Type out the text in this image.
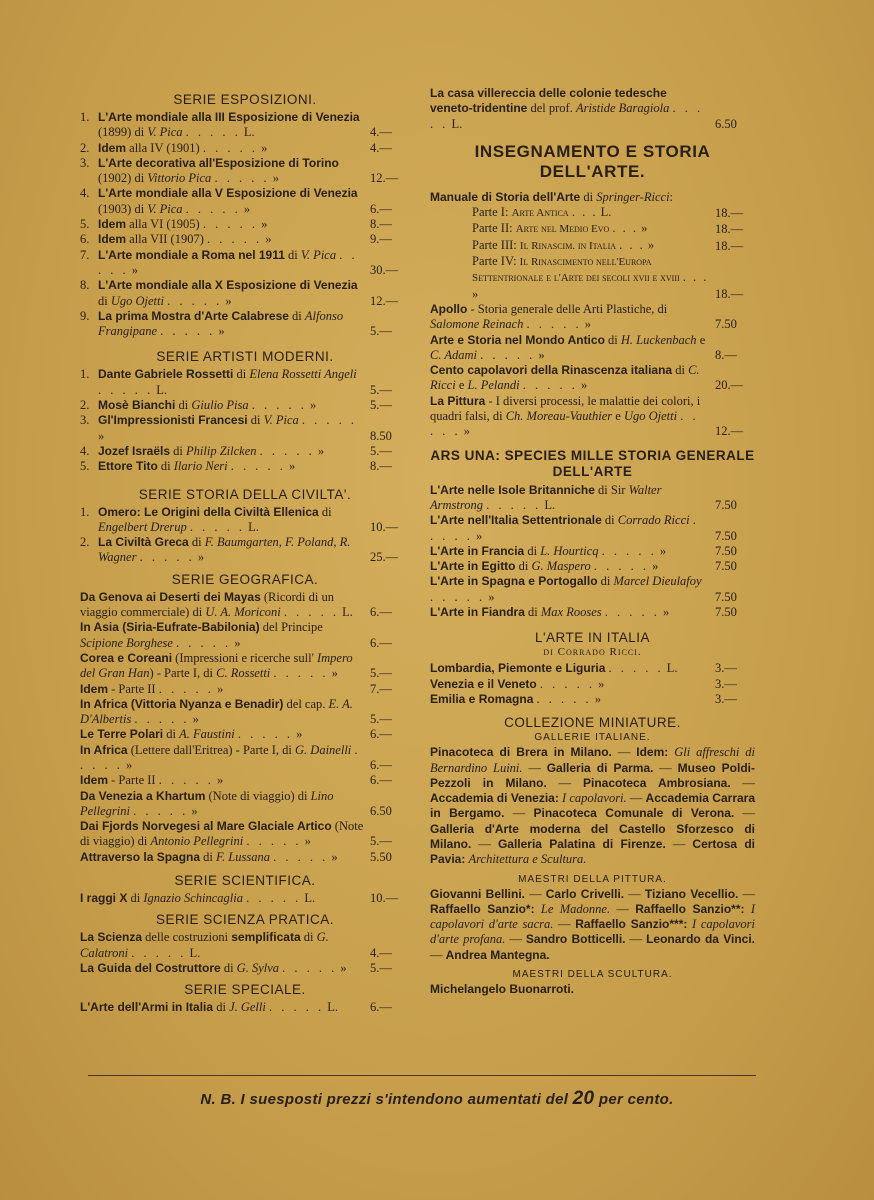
SERIE ESPOSIZIONI.
1. L'Arte mondiale alla III Esposizione di Venezia (1899) di V. Pica . . . . . L.	4.—
2. Idem alla IV (1901) . . . . . »	4.—
3. L'Arte decorativa all'Esposizione di Torino (1902) di Vittorio Pica . . . . . »	12.—
4. L'Arte mondiale alla V Esposizione di Venezia (1903) di V. Pica . . . . . »	6.—
5. Idem alla VI (1905) . . . . . »	8.—
6. Idem alla VII (1907) . . . . . »	9.—
7. L'Arte mondiale a Roma nel 1911 di V. Pica . . . . . »	30.—
8. L'Arte mondiale alla X Esposizione di Venezia di Ugo Ojetti . . . . . »	12.—
9. La prima Mostra d'Arte Calabrese di Alfonso Frangipane . . . . . »	5.—
SERIE ARTISTI MODERNI.
1. Dante Gabriele Rossetti di Elena Rossetti Angeli . . . . . L.	5.—
2. Mosè Bianchi di Giulio Pisa . . . . . »	5.—
3. Gl'Impressionisti Francesi di V. Pica . . . . . »	8.50
4. Jozef Israëls di Philip Zilcken . . . . . »	5.—
5. Ettore Tito di Ilario Neri . . . . . »	8.—
SERIE STORIA DELLA CIVILTA'.
1. Omero: Le Origini della Civiltà Ellenica di Engelbert Drerup . . . . . L.	10.—
2. La Civiltà Greca di F. Baumgarten, F. Poland, R. Wagner . . . . . »	25.—
SERIE GEOGRAFICA.
Da Genova ai Deserti dei Mayas (Ricordi di un viaggio commerciale) di U. A. Moriconi . . . . . L.	6.—
In Asia (Siria-Eufrate-Babilonia) del Principe Scipione Borghese . . . . . »	6.—
Corea e Coreani (Impressioni e ricerche sull' Impero del Gran Han) - Parte I, di C. Rossetti . . . . . »	5.—
Idem - Parte II . . . . . »	7.—
In Africa (Vittoria Nyanza e Benadir) del cap. E. A. D'Albertis . . . . . »	5.—
Le Terre Polari di A. Faustini . . . . . »	6.—
In Africa (Lettere dall'Eritrea) - Parte I, di G. Dainelli . . . . . »	6.—
Idem - Parte II . . . . . »	6.—
Da Venezia a Khartum (Note di viaggio) di Lino Pellegrini . . . . . »	6.50
Dai Fjords Norvegesi al Mare Glaciale Artico (Note di viaggio) di Antonio Pellegrini . . . . . »	5.—
Attraverso la Spagna di F. Lussana . . . . . »	5.50
SERIE SCIENTIFICA.
I raggi X di Ignazio Schincaglia . . . . . L.	10.—
SERIE SCIENZA PRATICA.
La Scienza delle costruzioni semplificata di G. Calatroni . . . . . L.	4.—
La Guida del Costruttore di G. Sylva . . . . . »	5.—
SERIE SPECIALE.
L'Arte dell'Armi in Italia di J. Gelli . . . . . L.	6.—
La casa villereccia delle colonie tedesche veneto-tridentine del prof. Aristide Baragiola . . . . . L.	6.50
INSEGNAMENTO E STORIA DELL'ARTE.
Manuale di Storia dell'Arte di Springer-Ricci:
Parte I: Arte Antica . . . L.	18.—
Parte II: Arte nel Medio Evo . . . »	18.—
Parte III: Il Rinascim. in Italia . . . »	18.—
Parte IV: Il Rinascimento nell'Europa Settentrionale e l'Arte dei secoli xvii e xviii . . . »	18.—
Apollo - Storia generale delle Arti Plastiche, di Salomone Reinach . . . . . »	7.50
Arte e Storia nel Mondo Antico di H. Luckenbach e C. Adami . . . . . »	8.—
Cento capolavori della Rinascenza italiana di C. Ricci e L. Pelandi . . . . . »	20.—
La Pittura - I diversi processi, le malattie dei colori, i quadri falsi, di Ch. Moreau-Vauthier e Ugo Ojetti . . . . . »	12.—
ARS UNA: SPECIES MILLE STORIA GENERALE DELL'ARTE
L'Arte nelle Isole Britanniche di Sir Walter Armstrong . . . . . L.	7.50
L'Arte nell'Italia Settentrionale di Corrado Ricci . . . . . »	7.50
L'Arte in Francia di L. Hourticq . . . . . »	7.50
L'Arte in Egitto di G. Maspero . . . . . »	7.50
L'Arte in Spagna e Portogallo di Marcel Dieulafoy . . . . . »	7.50
L'Arte in Fiandra di Max Rooses . . . . . »	7.50
L'ARTE IN ITALIA
di Corrado Ricci.
Lombardia, Piemonte e Liguria . . . . . L.	3.—
Venezia e il Veneto . . . . . »	3.—
Emilia e Romagna . . . . . »	3.—
COLLEZIONE MINIATURE.
GALLERIE ITALIANE.
Pinacoteca di Brera in Milano. — Idem: Gli affreschi di Bernardino Luini. — Galleria di Parma. — Museo Poldi-Pezzoli in Milano. — Pinacoteca Ambrosiana. — Accademia di Venezia: I capolavori. — Accademia Carrara in Bergamo. — Pinacoteca Comunale di Verona. — Galleria d'Arte moderna del Castello Sforzesco di Milano. — Galleria Palatina di Firenze. — Certosa di Pavia: Architettura e Scultura.
MAESTRI DELLA PITTURA.
Giovanni Bellini. — Carlo Crivelli. — Tiziano Vecellio. — Raffaello Sanzio*: Le Madonne. — Raffaello Sanzio**: I capolavori d'arte sacra. — Raffaello Sanzio***: I capolavori d'arte profana. — Sandro Botticelli. — Leonardo da Vinci. — Andrea Mantegna.
MAESTRI DELLA SCULTURA.
Michelangelo Buonarroti.
N. B. I suesposti prezzi s'intendono aumentati del 20 per cento.
